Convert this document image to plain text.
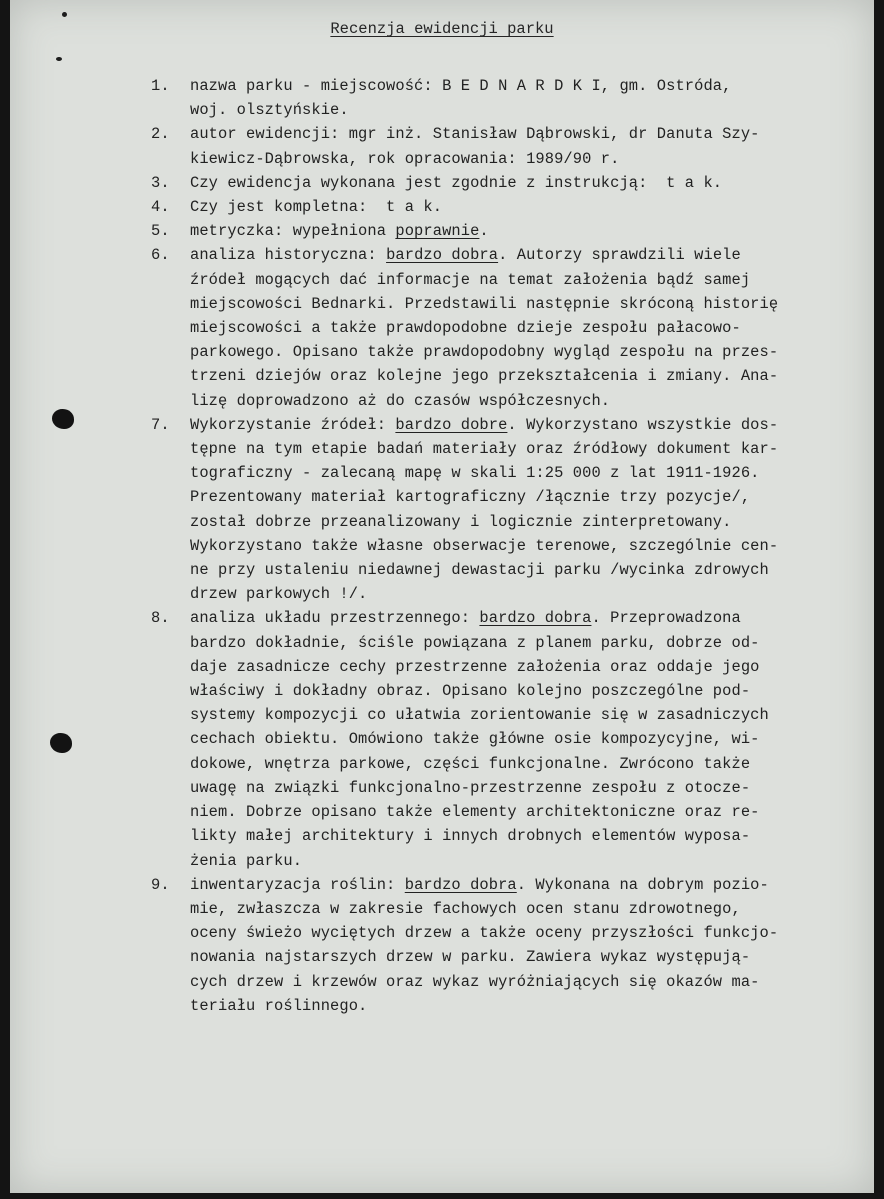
Recenzja ewidencji parku
1. nazwa parku - miejscowość: B E D N A R D K I, gm. Ostróda,
woj. olsztyńskie.
2. autor ewidencji: mgr inż. Stanisław Dąbrowski, dr Danuta Szy-
kiewicz-Dąbrowska, rok opracowania: 1989/90 r.
3. Czy ewidencja wykonana jest zgodnie z instrukcją:  t a k.
4. Czy jest kompletna:  t a k.
5. metryczka: wypełniona poprawnie.
6. analiza historyczna: bardzo dobra. Autorzy sprawdzili wiele
źródeł mogących dać informacje na temat założenia bądź samej
miejscowości Bednarki. Przedstawili następnie skróconą historię
miejscowości a także prawdopodobne dzieje zespołu pałacowo-
parkowego. Opisano także prawdopodobny wygląd zespołu na przes-
trzeni dziejów oraz kolejne jego przekształcenia i zmiany. Ana-
lizę doprowadzono aż do czasów współczesnych.
7. Wykorzystanie źródeł: bardzo dobre. Wykorzystano wszystkie dos-
tępne na tym etapie badań materiały oraz źródłowy dokument kar-
tograficzny - zalecaną mapę w skali 1:25 000 z lat 1911-1926.
Prezentowany materiał kartograficzny /łącznie trzy pozycje/,
został dobrze przeanalizowany i logicznie zinterpretowany.
Wykorzystano także własne obserwacje terenowe, szczególnie cen-
ne przy ustaleniu niedawnej dewastacji parku /wycinka zdrowych
drzew parkowych !/.
8. analiza układu przestrzennego: bardzo dobra. Przeprowadzona
bardzo dokładnie, ściśle powiązana z planem parku, dobrze od-
daje zasadnicze cechy przestrzenne założenia oraz oddaje jego
właściwy i dokładny obraz. Opisano kolejno poszczególne pod-
systemy kompozycji co ułatwia zorientowanie się w zasadniczych
cechach obiektu. Omówiono także główne osie kompozycyjne, wi-
dokowe, wnętrza parkowe, części funkcjonalne. Zwrócono także
uwagę na związki funkcjonalno-przestrzenne zespołu z otocze-
niem. Dobrze opisano także elementy architektoniczne oraz re-
likty małej architektury i innych drobnych elementów wyposa-
żenia parku.
9. inwentaryzacja roślin: bardzo dobra. Wykonana na dobrym pozio-
mie, zwłaszcza w zakresie fachowych ocen stanu zdrowotnego,
oceny świeżo wyciętych drzew a także oceny przyszłości funkcjo-
nowania najstarszych drzew w parku. Zawiera wykaz występują-
cych drzew i krzewów oraz wykaz wyróżniających się okazów ma-
teriału roślinnego.
